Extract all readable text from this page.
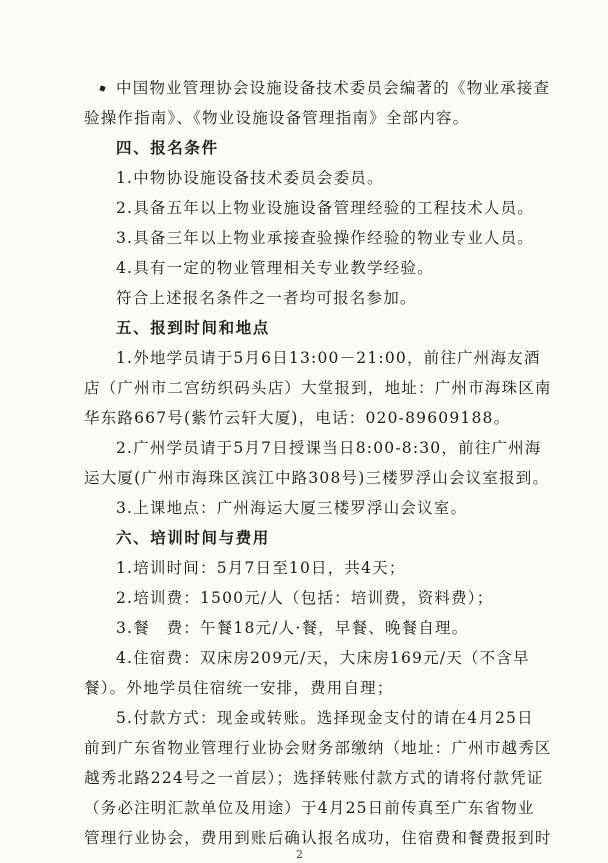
中国物业管理协会设施设备技术委员会编著的《物业承接查
验操作指南》、《物业设施设备管理指南》全部内容。
四、报名条件
1.中物协设施设备技术委员会委员。
2.具备五年以上物业设施设备管理经验的工程技术人员。
3.具备三年以上物业承接查验操作经验的物业专业人员。
4.具有一定的物业管理相关专业教学经验。
符合上述报名条件之一者均可报名参加。
五、报到时间和地点
1.外地学员请于5月6日13:00－21:00，前往广州海友酒
店（广州市二宫纺织码头店）大堂报到，地址：广州市海珠区南
华东路667号(紫竹云轩大厦)，电话：020-89609188。
2.广州学员请于5月7日授课当日8:00-8:30，前往广州海
运大厦(广州市海珠区滨江中路308号)三楼罗浮山会议室报到。
3.上课地点：广州海运大厦三楼罗浮山会议室。
六、培训时间与费用
1.培训时间：5月7日至10日，共4天；
2.培训费：1500元/人（包括：培训费，资料费）；
3.餐　费：午餐18元/人·餐，早餐、晚餐自理。
4.住宿费：双床房209元/天，大床房169元/天（不含早
餐）。外地学员住宿统一安排，费用自理；
5.付款方式：现金或转账。选择现金支付的请在4月25日
前到广东省物业管理行业协会财务部缴纳（地址：广州市越秀区
越秀北路224号之一首层）；选择转账付款方式的请将付款凭证
（务必注明汇款单位及用途）于4月25日前传真至广东省物业
管理行业协会，费用到账后确认报名成功，住宿费和餐费报到时
2
